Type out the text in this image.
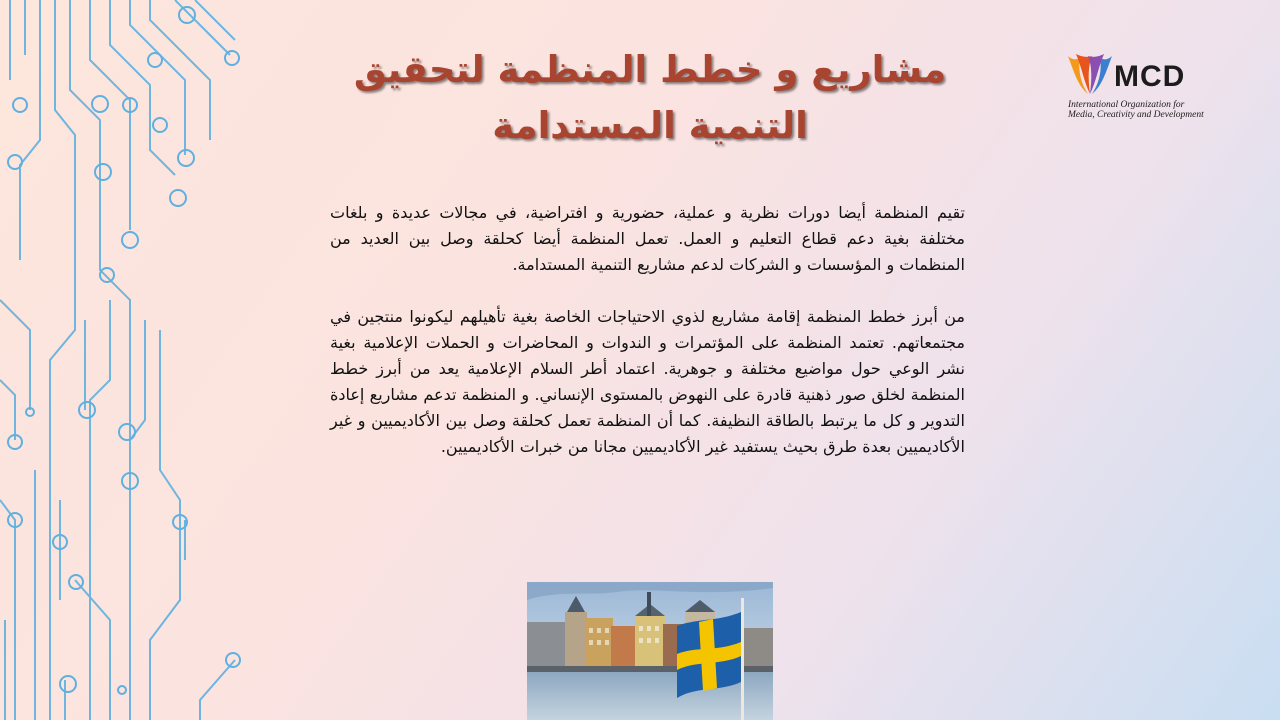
مشاريع و خطط المنظمة لتحقيق التنمية المستدامة
MCD
International Organization for
Media, Creativity and Development

تقيم المنظمة أيضا دورات نظرية و عملية، حضورية و افتراضية، في مجالات عديدة و بلغات مختلفة بغية دعم قطاع التعليم و العمل. تعمل المنظمة أيضا كحلقة وصل بين العديد من المنظمات و المؤسسات و الشركات لدعم مشاريع التنمية المستدامة.

من أبرز خطط المنظمة إقامة مشاريع لذوي الاحتياجات الخاصة بغية تأهيلهم ليكونوا منتجين في مجتمعاتهم. تعتمد المنظمة على المؤتمرات و الندوات و المحاضرات و الحملات الإعلامية بغية نشر الوعي حول مواضيع مختلفة و جوهرية. اعتماد أطر السلام الإعلامية يعد من أبرز خطط المنظمة لخلق صور ذهنية قادرة على النهوض بالمستوى الإنساني. و المنظمة تدعم مشاريع إعادة التدوير و كل ما يرتبط بالطاقة النظيفة. كما أن المنظمة تعمل كحلقة وصل بين الأكاديميين و غير الأكاديميين بعدة طرق بحيث يستفيد غير الأكاديميين مجانا من خبرات الأكاديميين.
